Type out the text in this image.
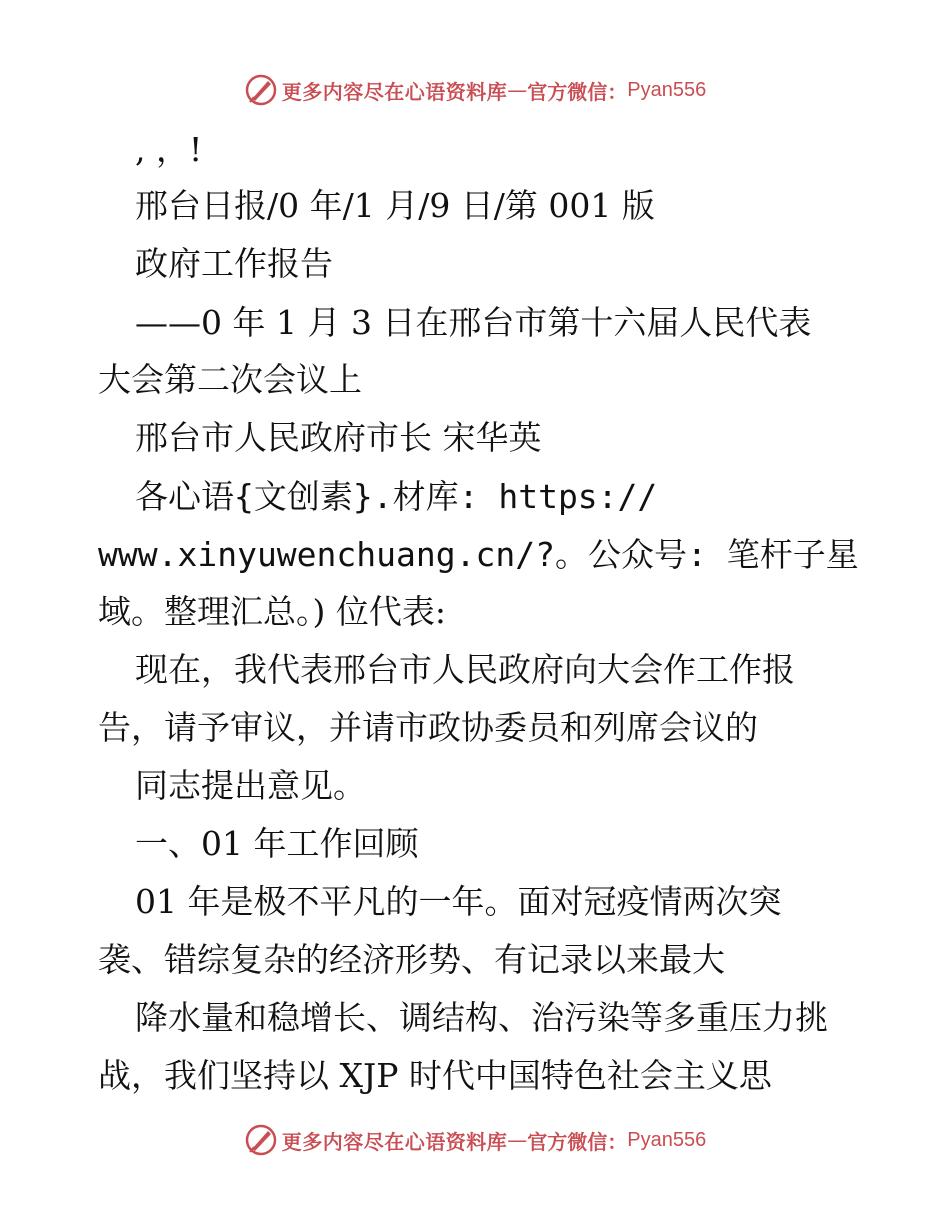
更多内容尽在心语资料库 — 官方微信： Pyan556
, ，!
邢台日报/0 年/1 月/9 日/第 001 版
政府工作报告
——0 年 1 月 3 日在邢台市第十六届人民代表
大会第二次会议上
邢台市人民政府市长 宋华英
各心语{文创素}.材库: https://
www.xinyuwenchuang.cn/?。公众号: 笔杆子星
域。整理汇总。) 位代表:
现在，我代表邢台市人民政府向大会作工作报
告，请予审议，并请市政协委员和列席会议的
同志提出意见。
一、01 年工作回顾
01 年是极不平凡的一年。面对冠疫情两次突
袭、错综复杂的经济形势、有记录以来最大
降水量和稳增长、调结构、治污染等多重压力挑
战，我们坚持以 XJP 时代中国特色社会主义思
更多内容尽在心语资料库 — 官方微信： Pyan556
